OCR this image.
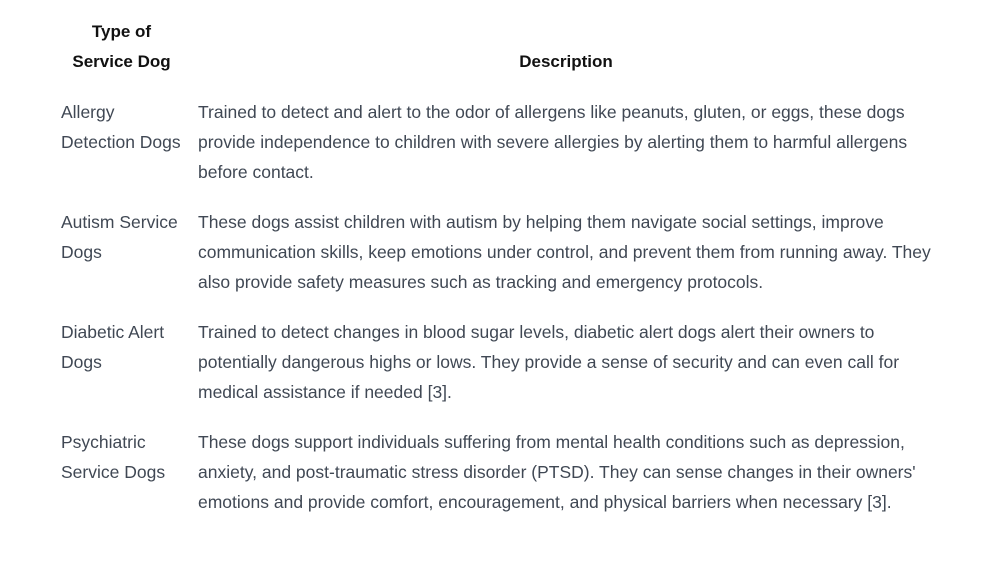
Type of Service Dog	Description
Allergy Detection Dogs	Trained to detect and alert to the odor of allergens like peanuts, gluten, or eggs, these dogs provide independence to children with severe allergies by alerting them to harmful allergens before contact.
Autism Service Dogs	These dogs assist children with autism by helping them navigate social settings, improve communication skills, keep emotions under control, and prevent them from running away. They also provide safety measures such as tracking and emergency protocols.
Diabetic Alert Dogs	Trained to detect changes in blood sugar levels, diabetic alert dogs alert their owners to potentially dangerous highs or lows. They provide a sense of security and can even call for medical assistance if needed [3].
Psychiatric Service Dogs	These dogs support individuals suffering from mental health conditions such as depression, anxiety, and post-traumatic stress disorder (PTSD). They can sense changes in their owners' emotions and provide comfort, encouragement, and physical barriers when necessary [3].
